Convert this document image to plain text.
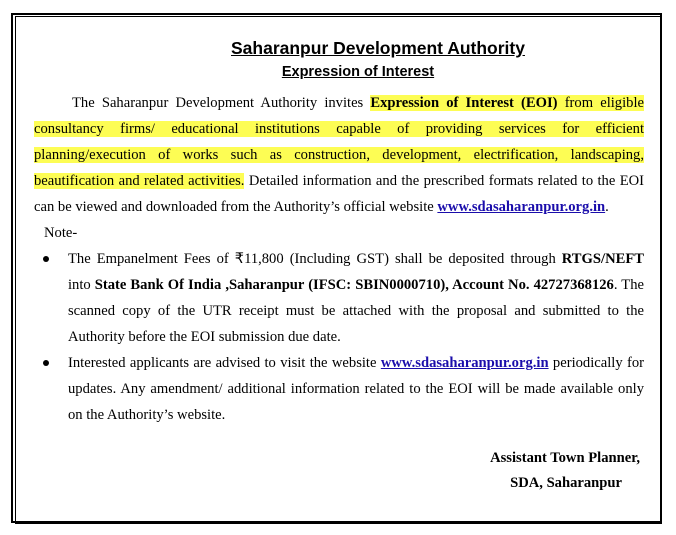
Saharanpur Development Authority
Expression of Interest

The Saharanpur Development Authority invites Expression of Interest (EOI) from eligible consultancy firms/ educational institutions capable of providing services for efficient planning/execution of works such as construction, development, electrification, landscaping, beautification and related activities. Detailed information and the prescribed formats related to the EOI can be viewed and downloaded from the Authority’s official website www.sdasaharanpur.org.in.

Note-

The Empanelment Fees of ₹11,800 (Including GST) shall be deposited through RTGS/NEFT into State Bank Of India ,Saharanpur (IFSC: SBIN0000710), Account No. 42727368126. The scanned copy of the UTR receipt must be attached with the proposal and submitted to the Authority before the EOI submission due date.
Interested applicants are advised to visit the website www.sdasaharanpur.org.in periodically for updates. Any amendment/ additional information related to the EOI will be made available only on the Authority’s website.
Assistant Town Planner,
SDA, Saharanpur
